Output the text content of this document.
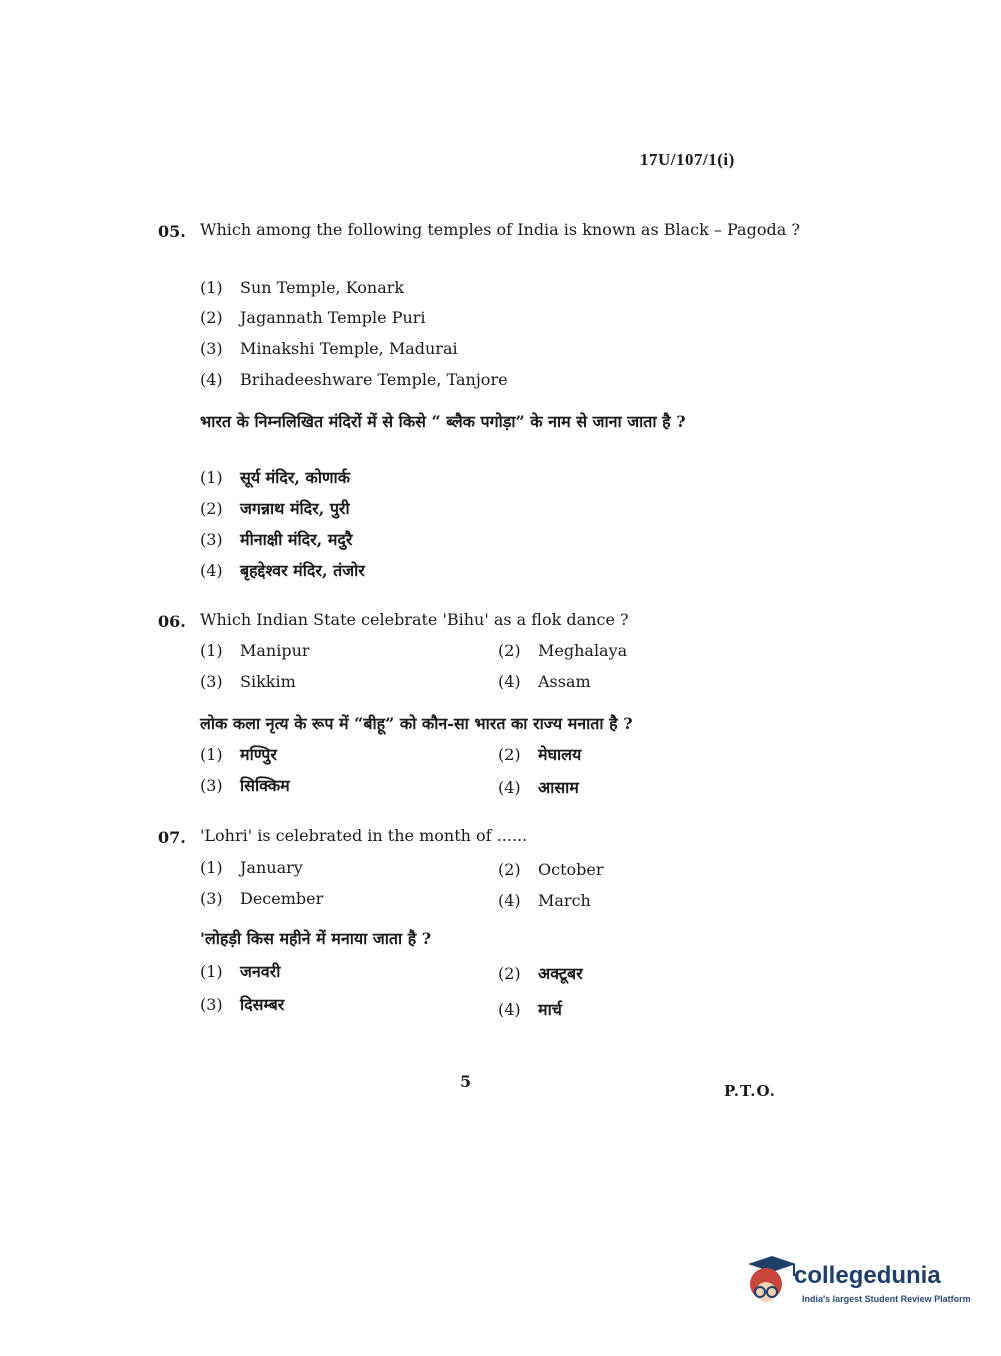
17U/107/1(i)
05. Which among the following temples of India is known as Black – Pagoda ?
(1) Sun Temple, Konark
(2) Jagannath Temple Puri
(3) Minakshi Temple, Madurai
(4) Brihadeeshware Temple, Tanjore
भारत के निम्नलिखित मंदिरों में से किसे “ ब्लैक पगोड़ा” के नाम से जाना जाता है ?
(1) सूर्य मंदिर, कोणार्क
(2) जगन्नाथ मंदिर, पुरी
(3) मीनाक्षी मंदिर, मदुरै
(4) बृहद्देश्वर मंदिर, तंजोर
06. Which Indian State celebrate 'Bihu' as a flok dance ?
(1) Manipur	(2) Meghalaya
(3) Sikkim	(4) Assam
लोक कला नृत्य के रूप में “बीहू” को कौन-सा भारत का राज्य मनाता है ?
(1) मण्पिुर	(2) मेघालय
(3) सिक्किम	(4) आसाम
07. 'Lohri' is celebrated in the month of ......
(1) January	(2) October
(3) December	(4) March
'लोहड़ी किस महीने में मनाया जाता है ?
(1) जनवरी	(2) अक्टूबर
(3) दिसम्बर	(4) मार्च
5	P.T.O.
collegedunia
India's largest Student Review Platform
